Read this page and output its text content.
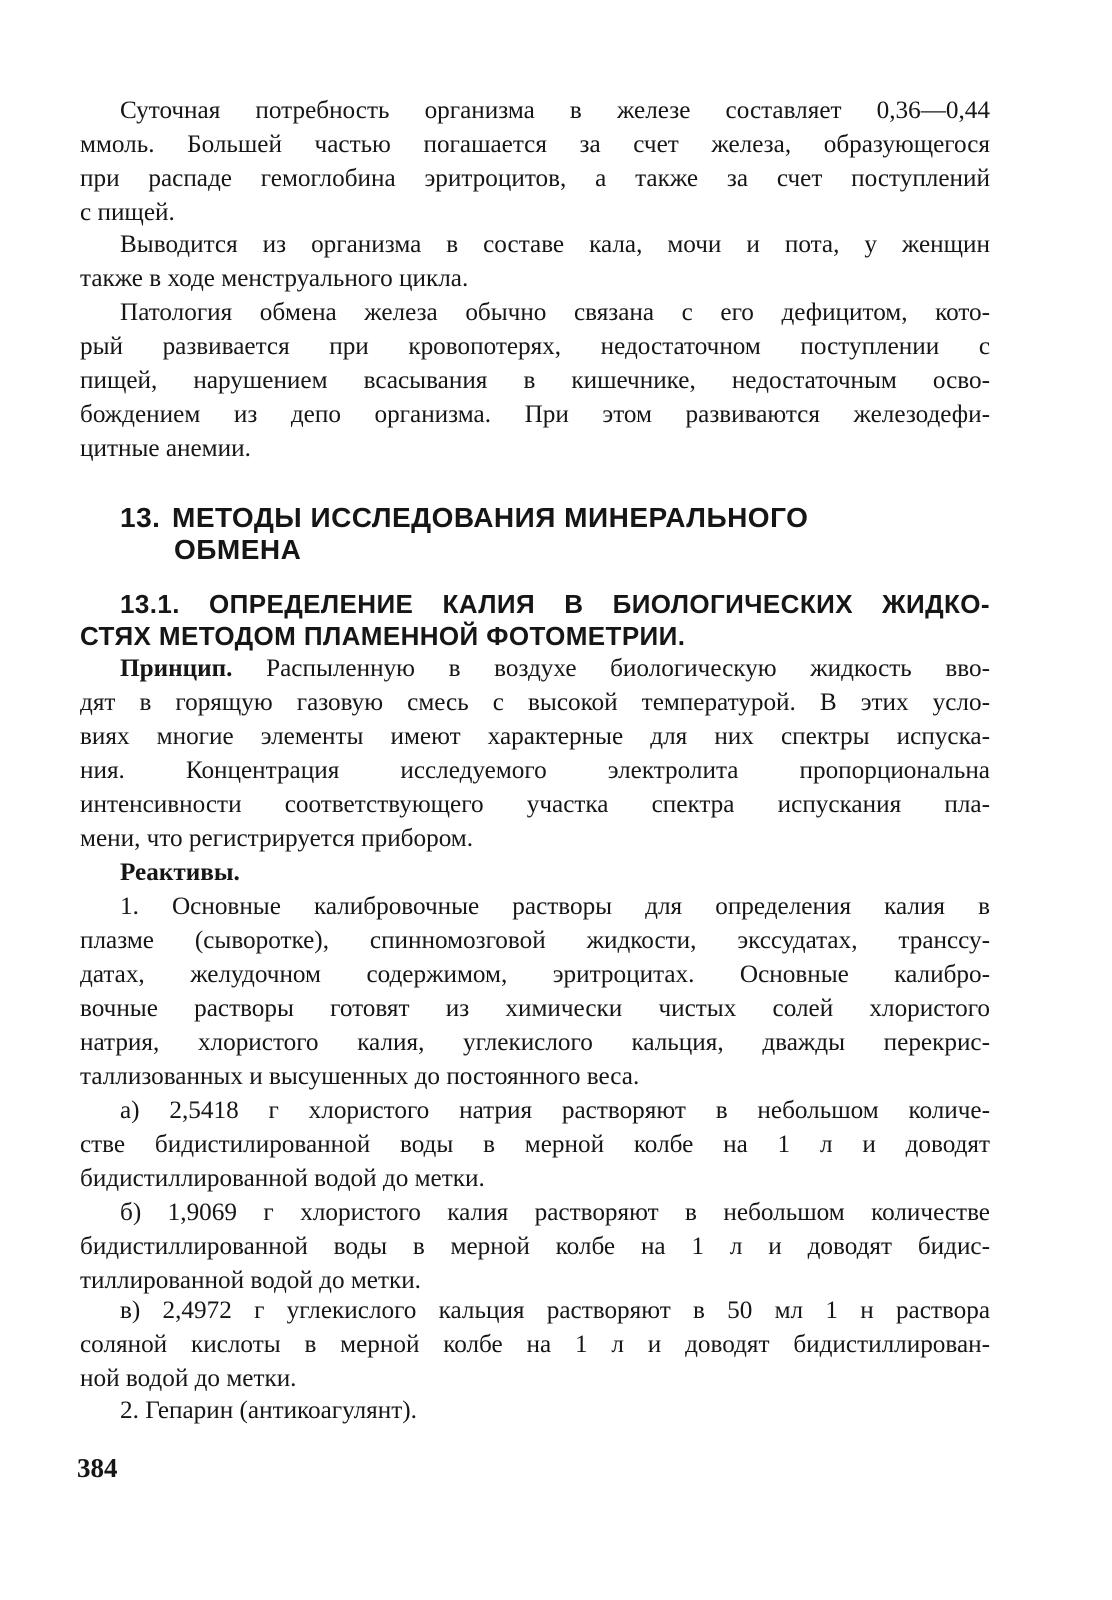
Суточная потребность организма в железе составляет 0,36—0,44
ммоль. Большей частью погашается за счет железа, образующегося
при распаде гемоглобина эритроцитов, а также за счет поступлений
с пищей.
Выводится из организма в составе кала, мочи и пота, у женщин
также в ходе менструального цикла.
Патология обмена железа обычно связана с его дефицитом, кото-
рый развивается при кровопотерях, недостаточном поступлении с
пищей, нарушением всасывания в кишечнике, недостаточным осво-
бождением из депо организма. При этом развиваются железодефи-
цитные анемии.
13. МЕТОДЫ ИССЛЕДОВАНИЯ МИНЕРАЛЬНОГО
ОБМЕНА
13.1. ОПРЕДЕЛЕНИЕ КАЛИЯ В БИОЛОГИЧЕСКИХ ЖИДКО-
СТЯХ МЕТОДОМ ПЛАМЕННОЙ ФОТОМЕТРИИ.
Принцип. Распыленную в воздухе биологическую жидкость вво-
дят в горящую газовую смесь с высокой температурой. В этих усло-
виях многие элементы имеют характерные для них спектры испуска-
ния. Концентрация исследуемого электролита пропорциональна
интенсивности соответствующего участка спектра испускания пла-
мени, что регистрируется прибором.
Реактивы.
1. Основные калибровочные растворы для определения калия в
плазме (сыворотке), спинномозговой жидкости, экссудатах, транссу-
датах, желудочном содержимом, эритроцитах. Основные калибро-
вочные растворы готовят из химически чистых солей хлористого
натрия, хлористого калия, углекислого кальция, дважды перекрис-
таллизованных и высушенных до постоянного веса.
а) 2,5418 г хлористого натрия растворяют в небольшом количе-
стве бидистилированной воды в мерной колбе на 1 л и доводят
бидистиллированной водой до метки.
б) 1,9069 г хлористого калия растворяют в небольшом количестве
бидистиллированной воды в мерной колбе на 1 л и доводят бидис-
тиллированной водой до метки.
в) 2,4972 г углекислого кальция растворяют в 50 мл 1 н раствора
соляной кислоты в мерной колбе на 1 л и доводят бидистиллирован-
ной водой до метки.
2. Гепарин (антикоагулянт).
384
